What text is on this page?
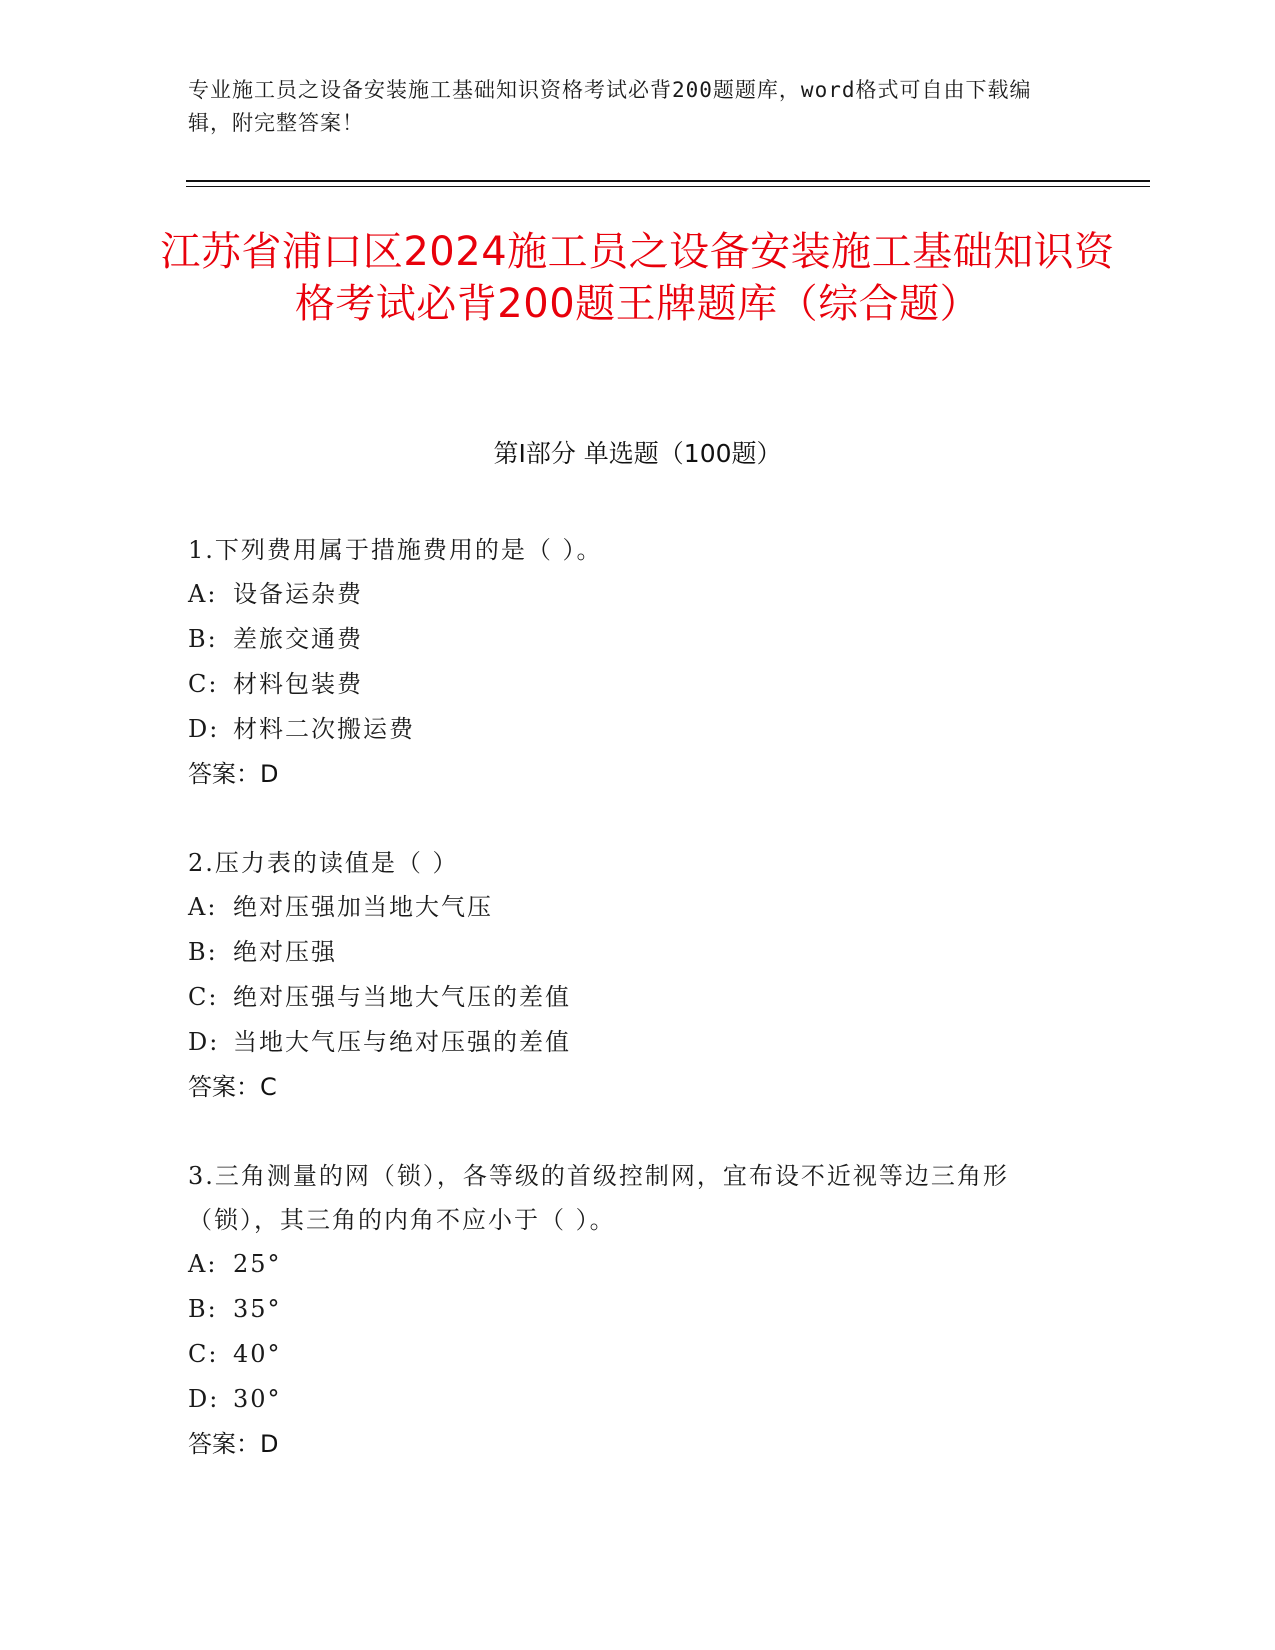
专业施工员之设备安装施工基础知识资格考试必背200题题库，word格式可自由下载编辑，附完整答案！
江苏省浦口区2024施工员之设备安装施工基础知识资格考试必背200题王牌题库（综合题）
第I部分 单选题（100题）
1.下列费用属于措施费用的是（ ）。
A: 设备运杂费
B: 差旅交通费
C: 材料包装费
D: 材料二次搬运费
答案：D
2.压力表的读值是（ ）
A: 绝对压强加当地大气压
B: 绝对压强
C: 绝对压强与当地大气压的差值
D: 当地大气压与绝对压强的差值
答案：C
3.三角测量的网（锁），各等级的首级控制网，宜布设不近视等边三角形（锁），其三角的内角不应小于（ ）。
A: 25°
B: 35°
C: 40°
D: 30°
答案：D
